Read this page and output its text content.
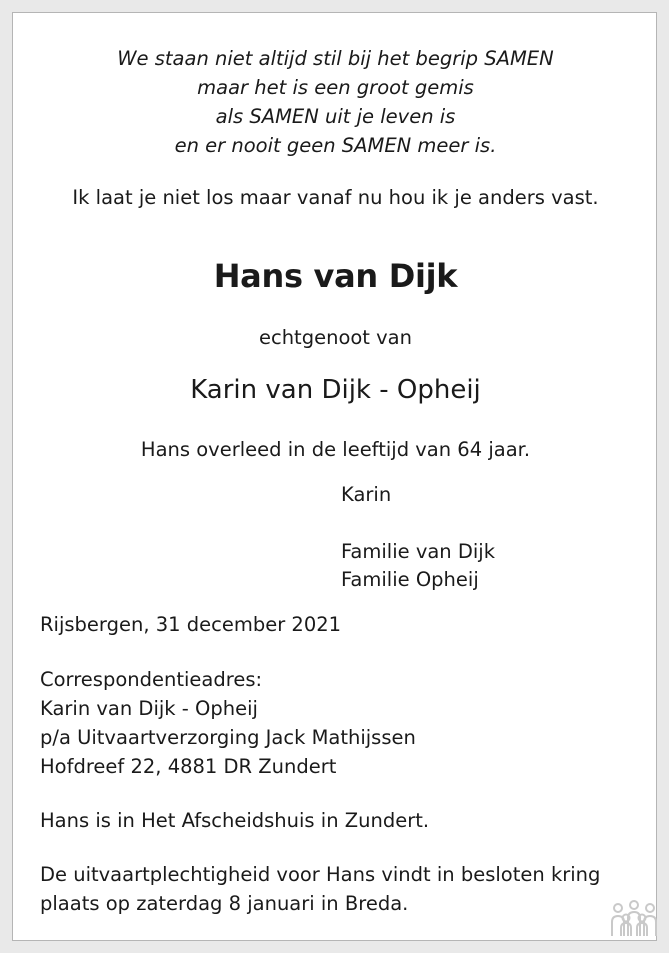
We staan niet altijd stil bij het begrip SAMEN
maar het is een groot gemis
als SAMEN uit je leven is
en er nooit geen SAMEN meer is.
Ik laat je niet los maar vanaf nu hou ik je anders vast.
Hans van Dijk
echtgenoot van
Karin van Dijk - Opheij
Hans overleed in de leeftijd van 64 jaar.
Karin
Familie van Dijk
Familie Opheij
Rijsbergen, 31 december 2021
Correspondentieadres:
Karin van Dijk - Opheij
p/a Uitvaartverzorging Jack Mathijssen
Hofdreef 22, 4881 DR Zundert
Hans is in Het Afscheidshuis in Zundert.
De uitvaartplechtigheid voor Hans vindt in besloten kring
plaats op zaterdag 8 januari in Breda.
